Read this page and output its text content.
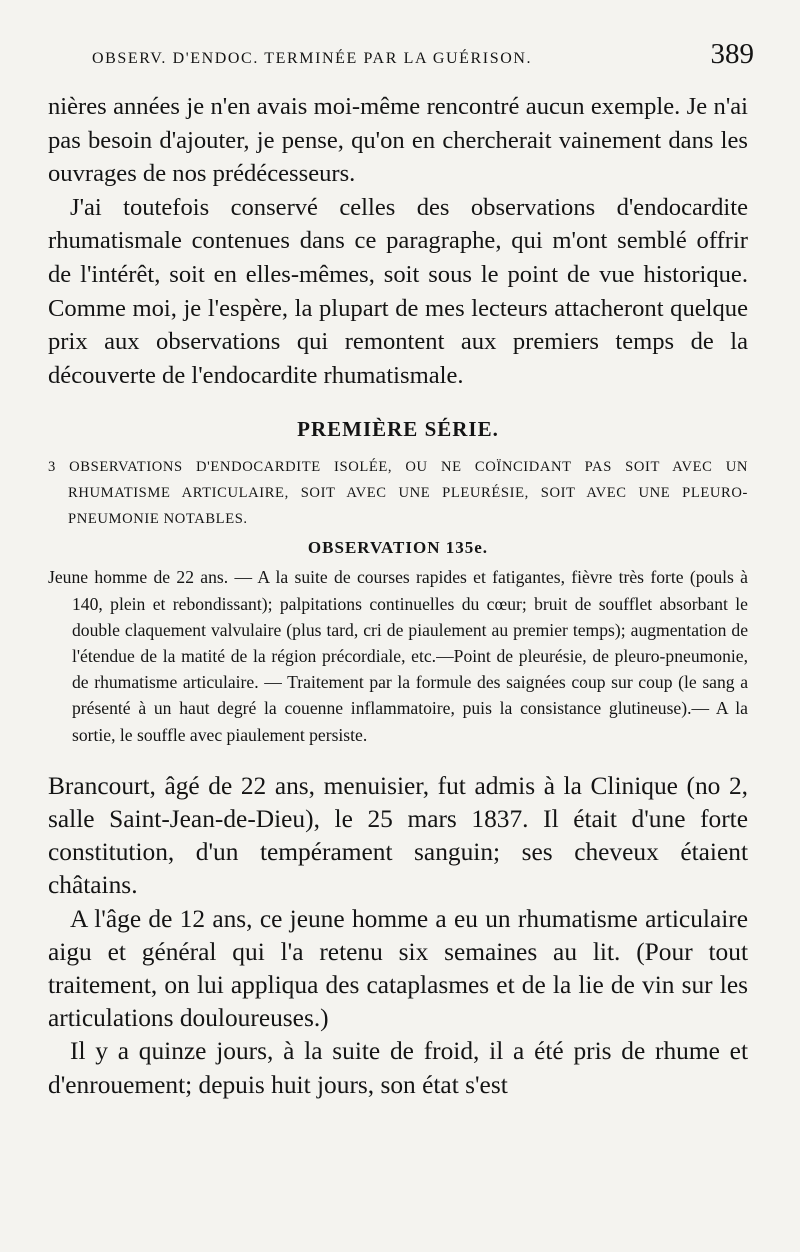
OBSERV. D'ENDOC. TERMINÉE PAR LA GUÉRISON.	389

nières années je n'en avais moi-même rencontré aucun exemple. Je n'ai pas besoin d'ajouter, je pense, qu'on en chercherait vainement dans les ouvrages de nos prédécesseurs.

J'ai toutefois conservé celles des observations d'endocardite rhumatismale contenues dans ce paragraphe, qui m'ont semblé offrir de l'intérêt, soit en elles-mêmes, soit sous le point de vue historique. Comme moi, je l'espère, la plupart de mes lecteurs attacheront quelque prix aux observations qui remontent aux premiers temps de la découverte de l'endocardite rhumatismale.

PREMIÈRE SÉRIE.

3 OBSERVATIONS D'ENDOCARDITE ISOLÉE, OU NE COÏNCIDANT PAS SOIT AVEC UN RHUMATISME ARTICULAIRE, SOIT AVEC UNE PLEURÉSIE, SOIT AVEC UNE PLEURO-PNEUMONIE NOTABLES.

OBSERVATION 135e.

Jeune homme de 22 ans. — A la suite de courses rapides et fatigantes, fièvre très forte (pouls à 140, plein et rebondissant); palpitations continuelles du cœur; bruit de soufflet absorbant le double claquement valvulaire (plus tard, cri de piaulement au premier temps); augmentation de l'étendue de la matité de la région précordiale, etc.—Point de pleurésie, de pleuro-pneumonie, de rhumatisme articulaire. — Traitement par la formule des saignées coup sur coup (le sang a présenté à un haut degré la couenne inflammatoire, puis la consistance glutineuse).— A la sortie, le souffle avec piaulement persiste.

Brancourt, âgé de 22 ans, menuisier, fut admis à la Clinique (no 2, salle Saint-Jean-de-Dieu), le 25 mars 1837. Il était d'une forte constitution, d'un tempérament sanguin; ses cheveux étaient châtains.

A l'âge de 12 ans, ce jeune homme a eu un rhumatisme articulaire aigu et général qui l'a retenu six semaines au lit. (Pour tout traitement, on lui appliqua des cataplasmes et de la lie de vin sur les articulations douloureuses.)

Il y a quinze jours, à la suite de froid, il a été pris de rhume et d'enrouement; depuis huit jours, son état s'est
